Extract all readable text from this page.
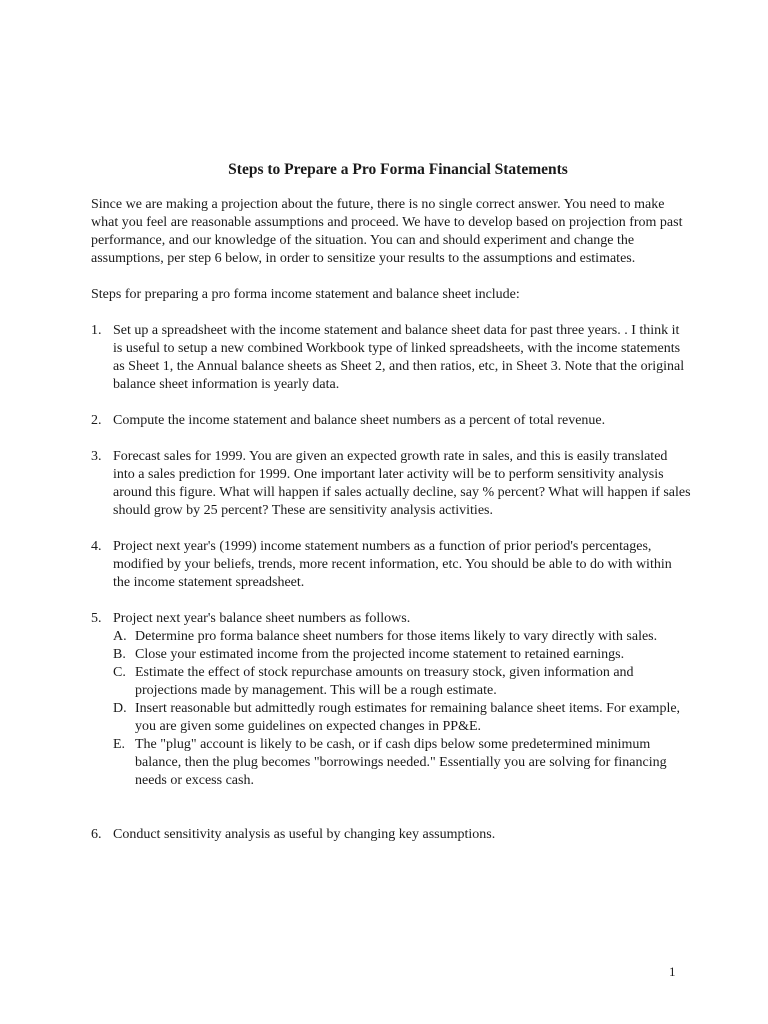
Steps to Prepare a Pro Forma Financial Statements

Since we are making a projection about the future, there is no single correct answer. You need to make what you feel are reasonable assumptions and proceed. We have to develop based on projection from past performance, and our knowledge of the situation. You can and should experiment and change the assumptions, per step 6 below, in order to sensitize your results to the assumptions and estimates.

Steps for preparing a pro forma income statement and balance sheet include:

1. Set up a spreadsheet with the income statement and balance sheet data for past three years. . I think it is useful to setup a new combined Workbook type of linked spreadsheets, with the income statements as Sheet 1, the Annual balance sheets as Sheet 2, and then ratios, etc, in Sheet 3. Note that the original balance sheet information is yearly data.
2. Compute the income statement and balance sheet numbers as a percent of total revenue.
3. Forecast sales for 1999. You are given an expected growth rate in sales, and this is easily translated into a sales prediction for 1999. One important later activity will be to perform sensitivity analysis around this figure. What will happen if sales actually decline, say % percent? What will happen if sales should grow by 25 percent? These are sensitivity analysis activities.
4. Project next year's (1999) income statement numbers as a function of prior period's percentages, modified by your beliefs, trends, more recent information, etc. You should be able to do with within the income statement spreadsheet.
5. Project next year's balance sheet numbers as follows.
A. Determine pro forma balance sheet numbers for those items likely to vary directly with sales.
B. Close your estimated income from the projected income statement to retained earnings.
C. Estimate the effect of stock repurchase amounts on treasury stock, given information and projections made by management. This will be a rough estimate.
D. Insert reasonable but admittedly rough estimates for remaining balance sheet items. For example, you are given some guidelines on expected changes in PP&E.
E. The "plug" account is likely to be cash, or if cash dips below some predetermined minimum balance, then the plug becomes "borrowings needed." Essentially you are solving for financing needs or excess cash.
6. Conduct sensitivity analysis as useful by changing key assumptions.
1
